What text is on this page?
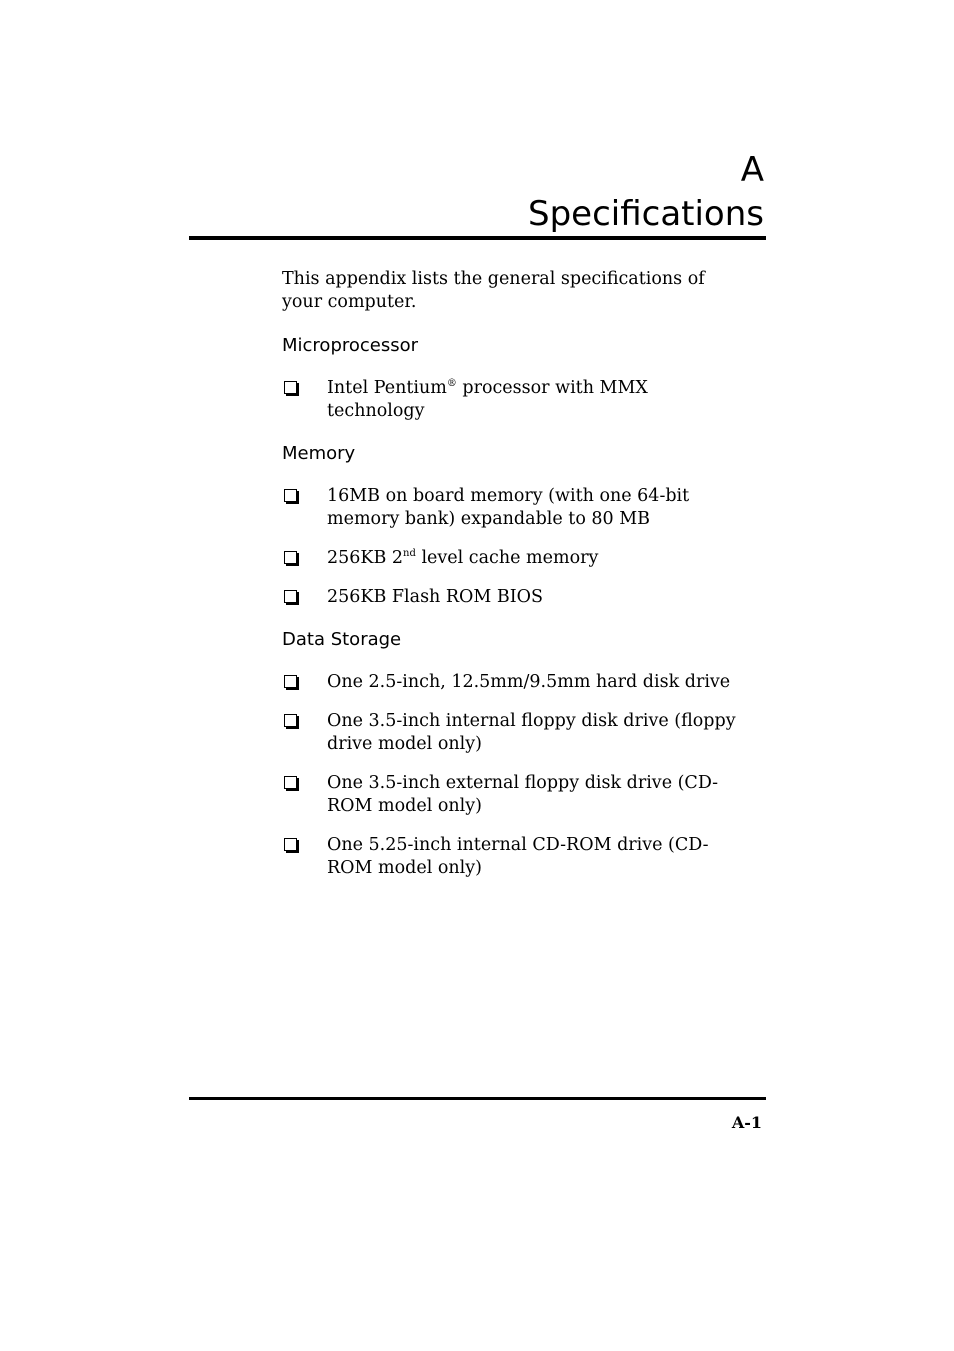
A
Specifications

This appendix lists the general specifications of your computer.

Microprocessor
Intel Pentium® processor with MMX technology
Memory
16MB on board memory (with one 64-bit memory bank) expandable to 80 MB
256KB 2nd level cache memory
256KB Flash ROM BIOS
Data Storage
One 2.5-inch, 12.5mm/9.5mm hard disk drive
One 3.5-inch internal floppy disk drive (floppy drive model only)
One 3.5-inch external floppy disk drive (CD-ROM model only)
One 5.25-inch internal CD-ROM drive (CD-ROM model only)

A-1
